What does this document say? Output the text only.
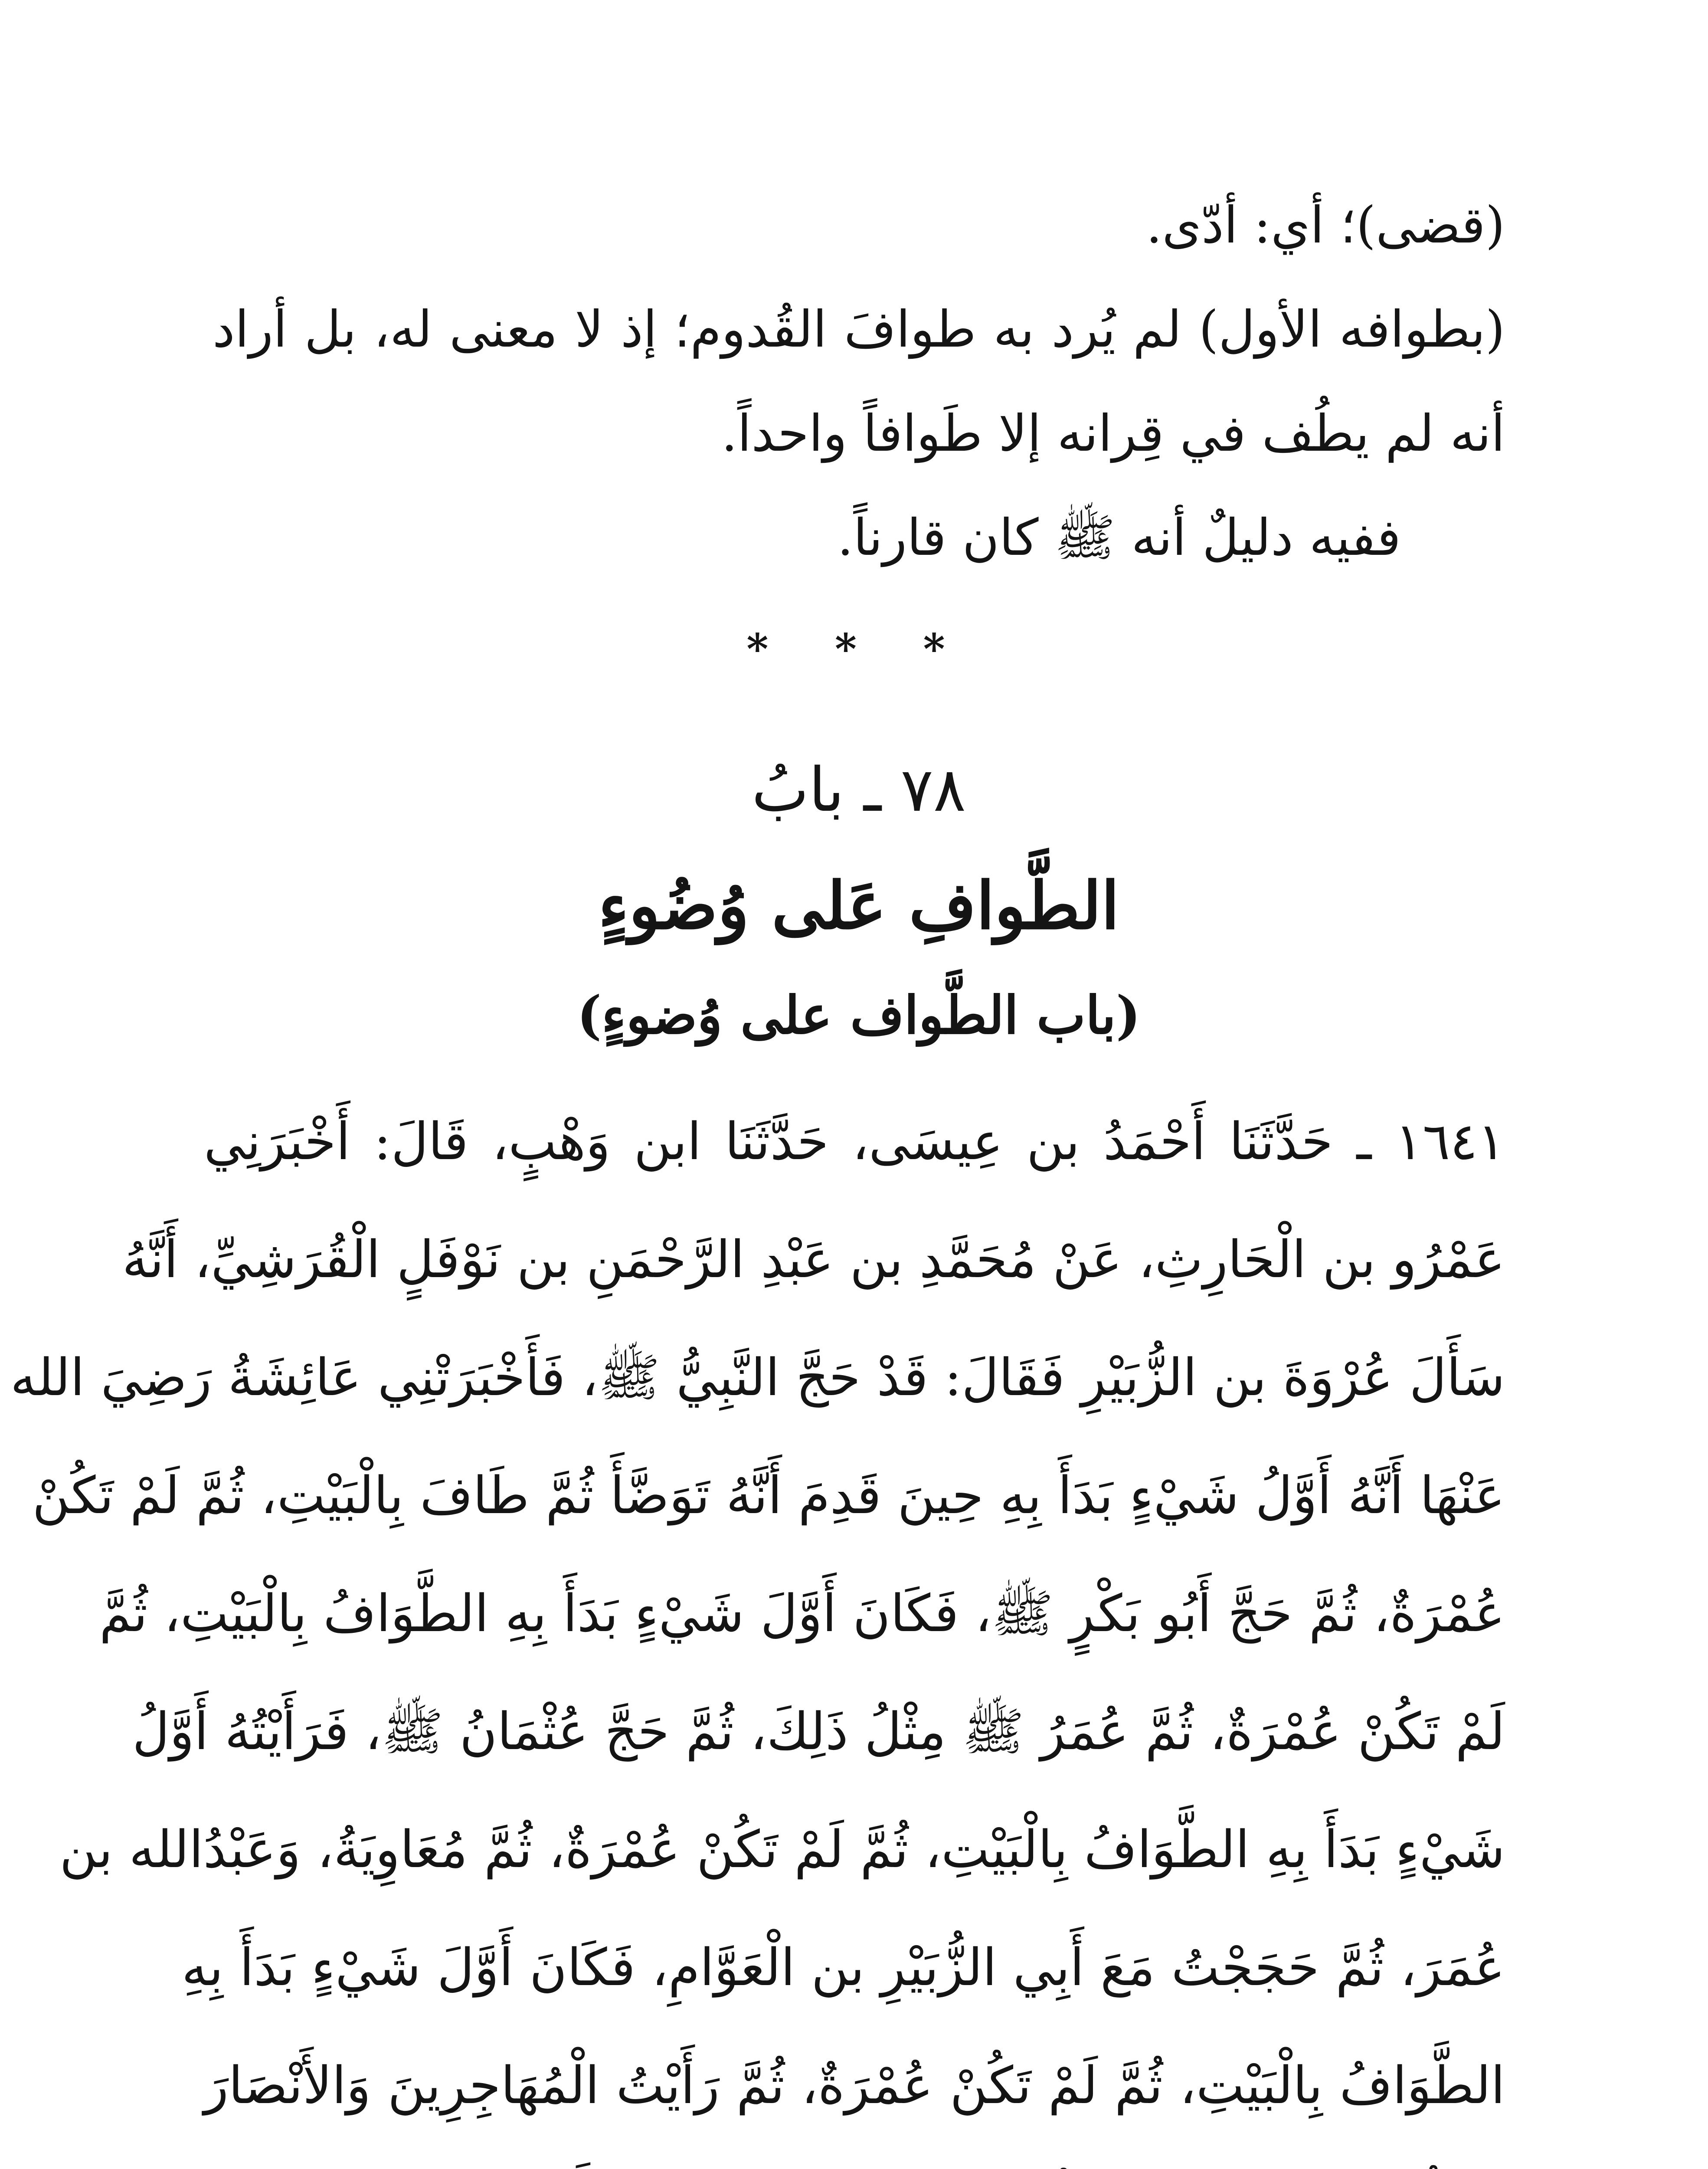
(قضى)؛ أي: أدّى.
(بطوافه الأول) لم يُرد به طوافَ القُدوم؛ إذ لا معنى له، بل أراد
أنه لم يطُف في قِرانه إلا طَوافاً واحداً.
ففيه دليلٌ أنه ﷺ كان قارناً.
* * *
٧٨ ـ بابُ
الطَّوافِ عَلى وُضُوءٍ
(باب الطَّواف على وُضوءٍ)
١٦٤١ ـ حَدَّثَنَا أَحْمَدُ بن عِيسَى، حَدَّثَنَا ابن وَهْبٍ، قَالَ: أَخْبَرَنِي
عَمْرُو بن الْحَارِثِ، عَنْ مُحَمَّدِ بن عَبْدِ الرَّحْمَنِ بن نَوْفَلٍ الْقُرَشِيِّ، أَنَّهُ
سَأَلَ عُرْوَةَ بن الزُّبَيْرِ فَقَالَ: قَدْ حَجَّ النَّبِيُّ ﷺ، فَأَخْبَرَتْنِي عَائِشَةُ رَضِيَ الله
عَنْهَا أَنَّهُ أَوَّلُ شَيْءٍ بَدَأَ بِهِ حِينَ قَدِمَ أَنَّهُ تَوَضَّأَ ثُمَّ طَافَ بِالْبَيْتِ، ثُمَّ لَمْ تَكُنْ
عُمْرَةٌ، ثُمَّ حَجَّ أَبُو بَكْرٍ ﷺ، فَكَانَ أَوَّلَ شَيْءٍ بَدَأَ بِهِ الطَّوَافُ بِالْبَيْتِ، ثُمَّ
لَمْ تَكُنْ عُمْرَةٌ، ثُمَّ عُمَرُ ﷺ مِثْلُ ذَلِكَ، ثُمَّ حَجَّ عُثْمَانُ ﷺ، فَرَأَيْتُهُ أَوَّلُ
شَيْءٍ بَدَأَ بِهِ الطَّوَافُ بِالْبَيْتِ، ثُمَّ لَمْ تَكُنْ عُمْرَةٌ، ثُمَّ مُعَاوِيَةُ، وَعَبْدُالله بن
عُمَرَ، ثُمَّ حَجَجْتُ مَعَ أَبِي الزُّبَيْرِ بن الْعَوَّامِ، فَكَانَ أَوَّلَ شَيْءٍ بَدَأَ بِهِ
الطَّوَافُ بِالْبَيْتِ، ثُمَّ لَمْ تَكُنْ عُمْرَةٌ، ثُمَّ رَأَيْتُ الْمُهَاجِرِينَ وَالأَنْصَارَ
